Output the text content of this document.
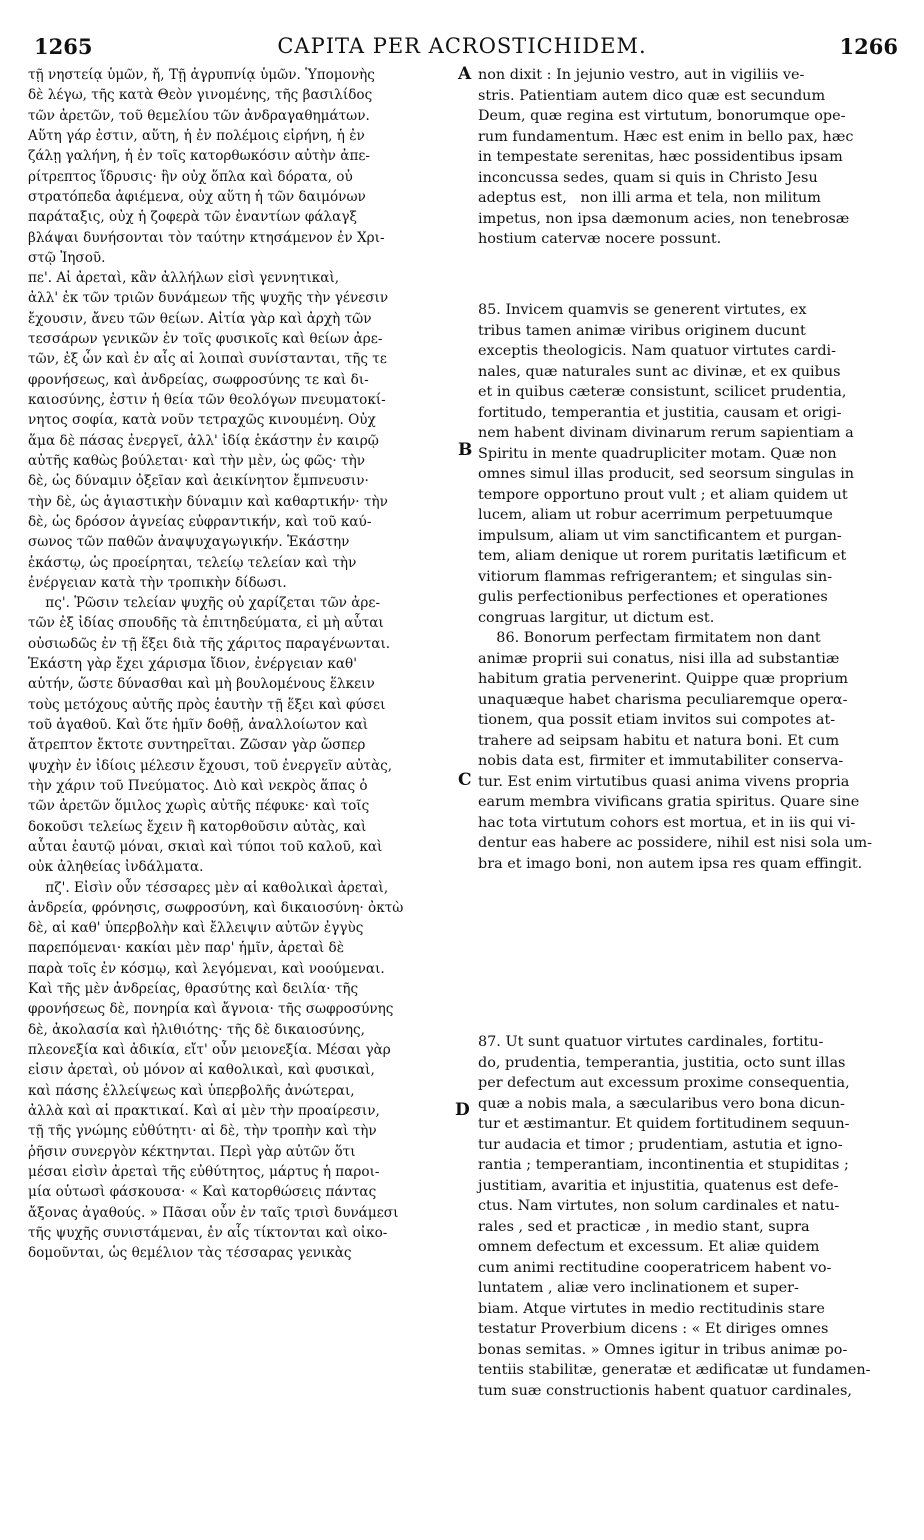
1265	CAPITA PER ACROSTICHIDEM.	1266
A
B
C
D

τῇ νηστείᾳ ὑμῶν, ἤ, Τῇ ἀγρυπνίᾳ ὑμῶν. Ὑπομονὴς

δὲ λέγω, τῆς κατὰ Θεὸν γινομένης, τῆς βασιλίδος

τῶν ἀρετῶν, τοῦ θεμελίου τῶν ἀνδραγαθημάτων.

Αὕτη γάρ ἐστιν, αὕτη, ἡ ἐν πολέμοις εἰρήνη, ἡ ἐν

ζάλῃ γαλήνη, ἡ ἐν τοῖς κατορθωκόσιν αὐτὴν ἀπε-

ρίτρεπτος ἵδρυσις· ἣν οὐχ ὅπλα καὶ δόρατα, οὐ

στρατόπεδα ἀφιέμενα, οὐχ αὕτη ἡ τῶν δαιμόνων

παράταξις, οὐχ ἡ ζοφερὰ τῶν ἐναντίων φάλαγξ

βλάψαι δυνήσονται τὸν ταύτην κτησάμενον ἐν Χρι-

στῷ Ἰησοῦ.

πε'. Αἱ ἀρεταὶ, κἂν ἀλλήλων εἰσὶ γεννητικαὶ,

ἀλλ' ἐκ τῶν τριῶν δυνάμεων τῆς ψυχῆς τὴν γένεσιν

ἔχουσιν, ἄνευ τῶν θείων. Αἰτία γὰρ καὶ ἀρχὴ τῶν

τεσσάρων γενικῶν ἐν τοῖς φυσικοῖς καὶ θείων ἀρε-

τῶν, ἐξ ὧν καὶ ἐν αἷς αἱ λοιπαὶ συνίστανται, τῆς τε

φρονήσεως, καὶ ἀνδρείας, σωφροσύνης τε καὶ δι-

καιοσύνης, ἐστιν ἡ θεία τῶν θεολόγων πνευματοκί-

νητος σοφία, κατὰ νοῦν τετραχῶς κινουμένη. Οὐχ

ἅμα δὲ πάσας ἐνεργεῖ, ἀλλ' ἰδίᾳ ἑκάστην ἐν καιρῷ

αὐτῆς καθὼς βούλεται· καὶ τὴν μὲν, ὡς φῶς· τὴν

δὲ, ὡς δύναμιν ὀξεῖαν καὶ ἀεικίνητον ἔμπνευσιν·

τὴν δὲ, ὡς ἁγιαστικὴν δύναμιν καὶ καθαρτικήν· τὴν

δὲ, ὡς δρόσον ἁγνείας εὐφραντικήν, καὶ τοῦ καύ-

σωνος τῶν παθῶν ἀναψυχαγωγικήν. Ἑκάστην

ἑκάστῳ, ὡς προείρηται, τελείῳ τελείαν καὶ τὴν

ἐνέργειαν κατὰ τὴν τροπικὴν δίδωσι.

πς'. Ῥῶσιν τελείαν ψυχῆς οὐ χαρίζεται τῶν ἀρε-

τῶν ἐξ ἰδίας σπουδῆς τὰ ἐπιτηδεύματα, εἰ μὴ αὗται

οὐσιωδῶς ἐν τῇ ἕξει διὰ τῆς χάριτος παραγένωνται.

Ἑκάστη γὰρ ἔχει χάρισμα ἴδιον, ἐνέργειαν καθ'

αὑτήν, ὥστε δύνασθαι καὶ μὴ βουλομένους ἕλκειν

τοὺς μετόχους αὐτῆς πρὸς ἑαυτὴν τῇ ἕξει καὶ φύσει

τοῦ ἀγαθοῦ. Καὶ ὅτε ἡμῖν δοθῇ, ἀναλλοίωτον καὶ

ἄτρεπτον ἔκτοτε συντηρεῖται. Ζῶσαν γὰρ ὥσπερ

ψυχὴν ἐν ἰδίοις μέλεσιν ἔχουσι, τοῦ ἐνεργεῖν αὐτὰς,

τὴν χάριν τοῦ Πνεύματος. Διὸ καὶ νεκρὸς ἅπας ὁ

τῶν ἀρετῶν ὅμιλος χωρὶς αὐτῆς πέφυκε· καὶ τοῖς

δοκοῦσι τελείως ἔχειν ἢ κατορθοῦσιν αὐτὰς, καὶ

αὗται ἑαυτῷ μόναι, σκιαὶ καὶ τύποι τοῦ καλοῦ, καὶ

οὐκ ἀληθείας ἰνδάλματα.

πζ'. Εἰσὶν οὖν τέσσαρες μὲν αἱ καθολικαὶ ἀρεταὶ,

ἀνδρεία, φρόνησις, σωφροσύνη, καὶ δικαιοσύνη· ὀκτὼ

δὲ, αἱ καθ' ὑπερβολὴν καὶ ἔλλειψιν αὐτῶν ἐγγὺς

παρεπόμεναι· κακίαι μὲν παρ' ἡμῖν, ἀρεταὶ δὲ

παρὰ τοῖς ἐν κόσμῳ, καὶ λεγόμεναι, καὶ νοούμεναι.

Καὶ τῆς μὲν ἀνδρείας, θρασύτης καὶ δειλία· τῆς

φρονήσεως δὲ, πονηρία καὶ ἄγνοια· τῆς σωφροσύνης

δὲ, ἀκολασία καὶ ἠλιθιότης· τῆς δὲ δικαιοσύνης,

πλεονεξία καὶ ἀδικία, εἴτ' οὖν μειονεξία. Μέσαι γὰρ

εἰσιν ἀρεταὶ, οὐ μόνον αἱ καθολικαὶ, καὶ φυσικαὶ,

καὶ πάσης ἐλλείψεως καὶ ὑπερβολῆς ἀνώτεραι,

ἀλλὰ καὶ αἱ πρακτικαί. Καὶ αἱ μὲν τὴν προαίρεσιν,

τῇ τῆς γνώμης εὐθύτητι· αἱ δὲ, τὴν τροπὴν καὶ τὴν

ῥῆσιν συνεργὸν κέκτηνται. Περὶ γὰρ αὐτῶν ὅτι

μέσαι εἰσὶν ἀρεταὶ τῆς εὐθύτητος, μάρτυς ἡ παροι-

μία οὑτωσὶ φάσκουσα· « Καὶ κατορθώσεις πάντας

ἄξονας ἀγαθούς. » Πᾶσαι οὖν ἐν ταῖς τρισὶ δυνάμεσι

τῆς ψυχῆς συνιστάμεναι, ἐν αἷς τίκτονται καὶ οἰκο-

δομοῦνται, ὡς θεμέλιον τὰς τέσσαρας γενικὰς

non dixit : In jejunio vestro, aut in vigiliis ve-

stris. Patientiam autem dico quæ est secundum

Deum, quæ regina est virtutum, bonorumque ope-

rum fundamentum. Hæc est enim in bello pax, hæc

in tempestate serenitas, hæc possidentibus ipsam

inconcussa sedes, quam si quis in Christo Jesu

adeptus est,   non illi arma et tela, non militum

impetus, non ipsa dæmonum acies, non tenebrosæ

hostium catervæ nocere possunt.

85. Invicem quamvis se generent virtutes, ex

tribus tamen animæ viribus originem ducunt

exceptis theologicis. Nam quatuor virtutes cardi-

nales, quæ naturales sunt ac divinæ, et ex quibus

et in quibus cæteræ consistunt, scilicet prudentia,

fortitudo, temperantia et justitia, causam et origi-

nem habent divinam divinarum rerum sapientiam a

Spiritu in mente quadrupliciter motam. Quæ non

omnes simul illas producit, sed seorsum singulas in

tempore opportuno prout vult ; et aliam quidem ut

lucem, aliam ut robur acerrimum perpetuumque

impulsum, aliam ut vim sanctificantem et purgan-

tem, aliam denique ut rorem puritatis lætificum et

vitiorum flammas refrigerantem; et singulas sin-

gulis perfectionibus perfectiones et operationes

congruas largitur, ut dictum est.

86. Bonorum perfectam firmitatem non dant

animæ proprii sui conatus, nisi illa ad substantiæ

habitum gratia pervenerint. Quippe quæ proprium

unaquæque habet charisma peculiaremque operα-

tionem, qua possit etiam invitos sui compotes at-

trahere ad seipsam habitu et natura boni. Et cum

nobis data est, firmiter et immutabiliter conserva-

tur. Est enim virtutibus quasi anima vivens propria

earum membra vivificans gratia spiritus. Quare sine

hac tota virtutum cohors est mortua, et in iis qui vi-

dentur eas habere ac possidere, nihil est nisi sola um-

bra et imago boni, non autem ipsa res quam effingit.

87. Ut sunt quatuor virtutes cardinales, fortitu-

do, prudentia, temperantia, justitia, octo sunt illas

per defectum aut excessum proxime consequentia,

quæ a nobis mala, a sæcularibus vero bona dicun-

tur et æstimantur. Et quidem fortitudinem sequun-

tur audacia et timor ; prudentiam, astutia et igno-

rantia ; temperantiam, incontinentia et stupiditas ;

justitiam, avaritia et injustitia, quatenus est defe-

ctus. Nam virtutes, non solum cardinales et natu-

rales , sed et practicæ , in medio stant, supra

omnem defectum et excessum. Et aliæ quidem

cum animi rectitudine cooperatricem habent vo-

luntatem , aliæ vero inclinationem et super-

biam. Atque virtutes in medio rectitudinis stare

testatur Proverbium dicens : « Et diriges omnes

bonas semitas. » Omnes igitur in tribus animæ po-

tentiis stabilitæ, generatæ et ædificatæ ut fundamen-

tum suæ constructionis habent quatuor cardinales,
